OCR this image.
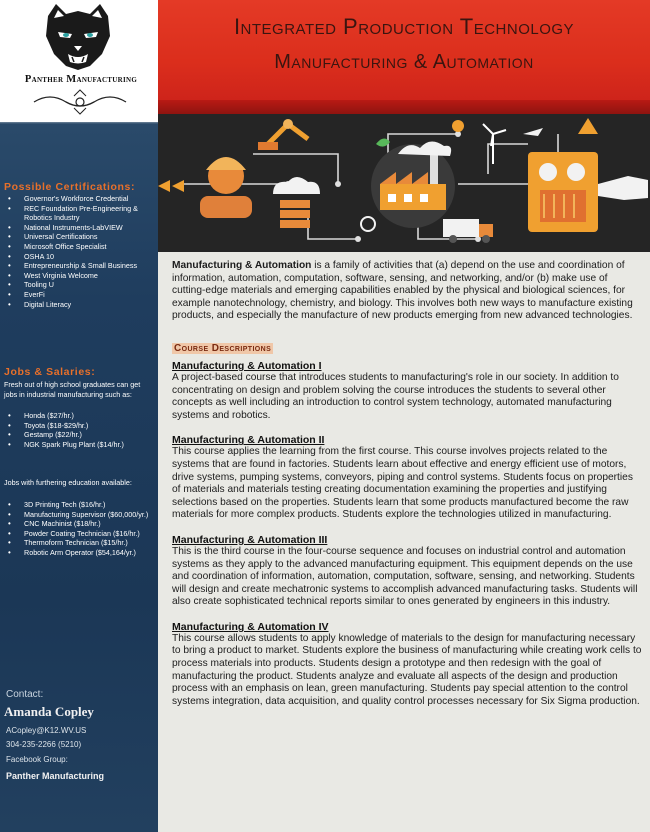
Panther Manufacturing
Possible Certifications:
• Governor's Workforce Credential
• REC Foundation Pre-Engineering & Robotics Industry
• National Instruments-LabVIEW
• Universal Certifications
• Microsoft Office Specialist
• OSHA 10
• Entrepreneurship & Small Business
• West Virginia Welcome
• Tooling U
• EverFi
• Digital Literacy
Jobs & Salaries:
Fresh out of high school graduates can get jobs in industrial manufacturing such as:
• Honda ($27/hr.)
• Toyota ($18-$29/hr.)
• Gestamp ($22/hr.)
• NGK Spark Plug Plant ($14/hr.)
Jobs with furthering education available:
• 3D Printing Tech ($16/hr.)
• Manufacturing Supervisor ($60,000/yr.)
• CNC Machinist ($18/hr.)
• Powder Coating Technician ($16/hr.)
• Thermoform Technician ($15/hr.)
• Robotic Arm Operator ($54,164/yr.)
Contact:
Amanda Copley
ACopley@K12.WV.US
304-235-2266 (5210)
Facebook Group:
Panther Manufacturing
Integrated Production Technology
Manufacturing & Automation

Manufacturing & Automation is a family of activities that (a) depend on the use and coordination of information, automation, computation, software, sensing, and networking, and/or (b) make use of cutting-edge materials and emerging capabilities enabled by the physical and biological sciences, for example nanotechnology, chemistry, and biology. This involves both new ways to manufacture existing products, and especially the manufacture of new products emerging from new advanced technologies.

Course Descriptions
Manufacturing & Automation I
A project-based course that introduces students to manufacturing's role in our society. In addition to concentrating on design and problem solving the course introduces the students to several other concepts as well including an introduction to control system technology, automated manufacturing systems and robotics.
Manufacturing & Automation II
This course applies the learning from the first course. This course involves projects related to the systems that are found in factories. Students learn about effective and energy efficient use of motors, drive systems, pumping systems, conveyors, piping and control systems. Students focus on properties of materials and materials testing creating documentation examining the properties and justifying selections based on the properties. Students learn that some products manufactured become the raw materials for more complex products. Students explore the technologies utilized in manufacturing.
Manufacturing & Automation III
This is the third course in the four-course sequence and focuses on industrial control and automation systems as they apply to the advanced manufacturing equipment. This equipment depends on the use and coordination of information, automation, computation, software, sensing, and networking. Students will design and create mechatronic systems to accomplish advanced manufacturing tasks. Students will also create sophisticated technical reports similar to ones generated by engineers in this industry.
Manufacturing & Automation IV
This course allows students to apply knowledge of materials to the design for manufacturing necessary to bring a product to market. Students explore the business of manufacturing while creating work cells to process materials into products. Students design a prototype and then redesign with the goal of manufacturing the product. Students analyze and evaluate all aspects of the design and production process with an emphasis on lean, green manufacturing. Students pay special attention to the control systems integration, data acquisition, and quality control processes necessary for Six Sigma production.
